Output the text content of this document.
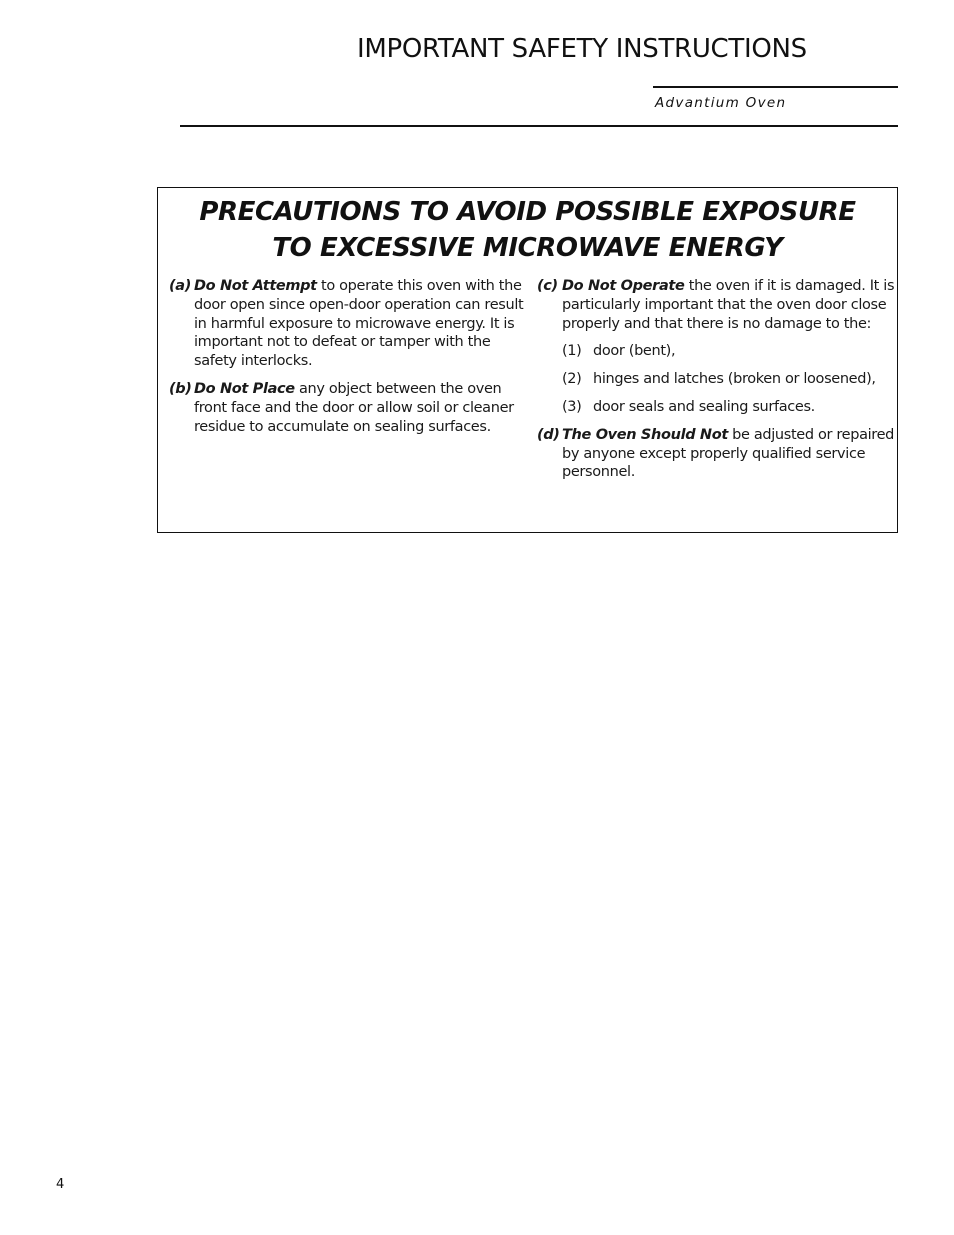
IMPORTANT SAFETY INSTRUCTIONS
Advantium Oven
PRECAUTIONS TO AVOID POSSIBLE EXPOSURE
TO EXCESSIVE MICROWAVE ENERGY
(a) Do Not Attempt to operate this oven with the door open since open-door operation can result in harmful exposure to microwave energy. It is important not to defeat or tamper with the safety interlocks.
(b) Do Not Place any object between the oven front face and the door or allow soil or cleaner residue to accumulate on sealing surfaces.
(c) Do Not Operate the oven if it is damaged. It is particularly important that the oven door close properly and that there is no damage to the:
(1) door (bent),
(2) hinges and latches (broken or loosened),
(3) door seals and sealing surfaces.
(d) The Oven Should Not be adjusted or repaired by anyone except properly qualified service personnel.
4
